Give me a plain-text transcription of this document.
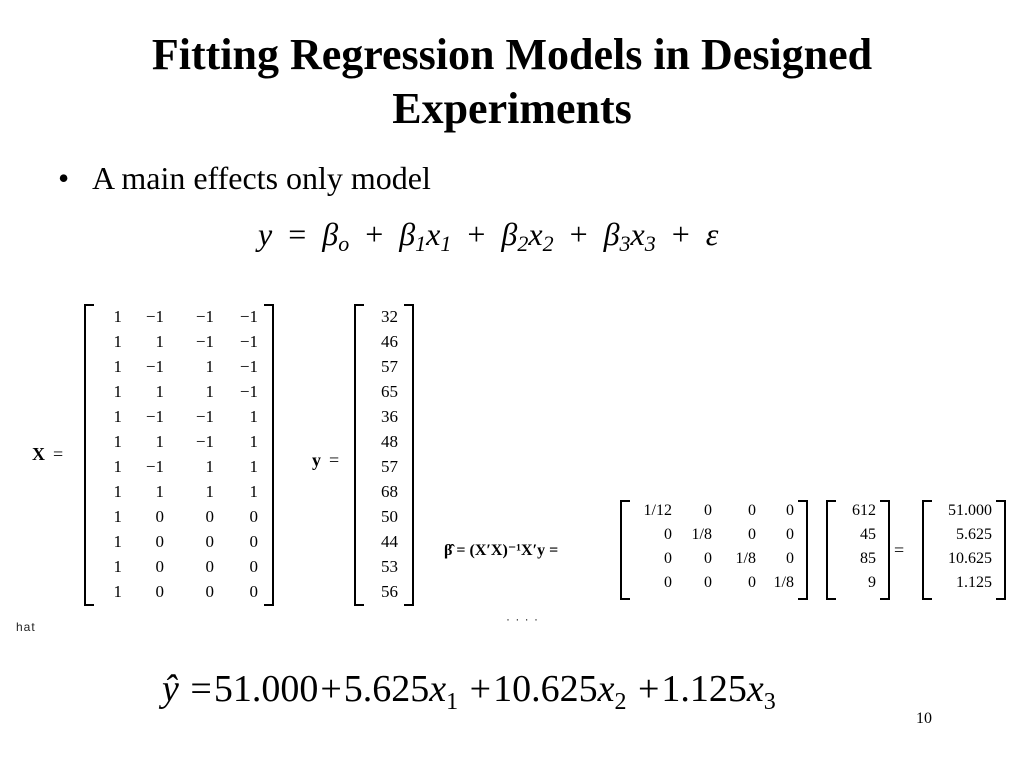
Fitting Regression Models in Designed
Experiments
• A main effects only model
$y = \beta_o + \beta_1x_1 + \beta_2x_2 + \beta_3x_3 + \varepsilon$
X =
1	−1	−1	−1
1	1	−1	−1
1	−1	1	−1
1	1	1	−1
1	−1	−1	1
1	1	−1	1
1	−1	1	1
1	1	1	1
1	0	0	0
1	0	0	0
1	0	0	0
1	0	0	0
y =
32
46
57
65
36
48
57
68
50
44
53
56
β̂ = (X′X)⁻¹X′y =
1/12	0	0	0
0	1/8	0	0
0	0	1/8	0
0	0	0	1/8
612
45
85
9
=
51.000
5.625
10.625
1.125
hat
· · · ·
ŷ $=51.000+5.625x_1 +10.625x_2 +1.125x_3$
10
